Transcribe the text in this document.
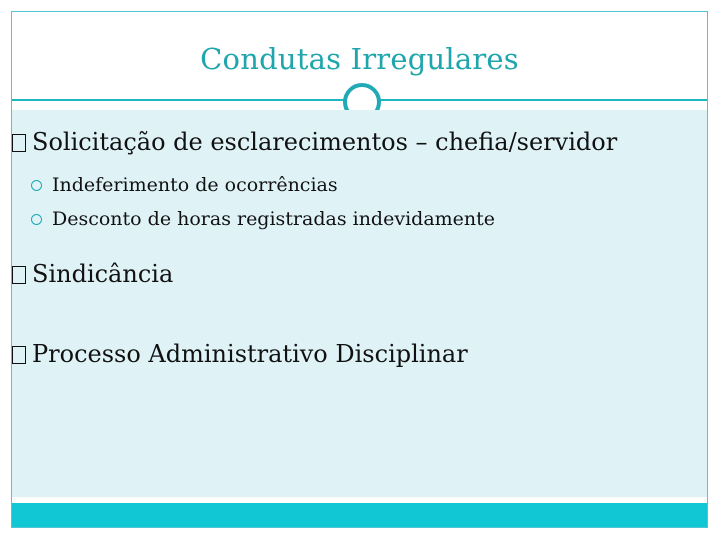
Condutas Irregulares
Solicitação de esclarecimentos – chefia/servidor
Indeferimento de ocorrências
Desconto de horas registradas indevidamente
Sindicância
Processo Administrativo Disciplinar
